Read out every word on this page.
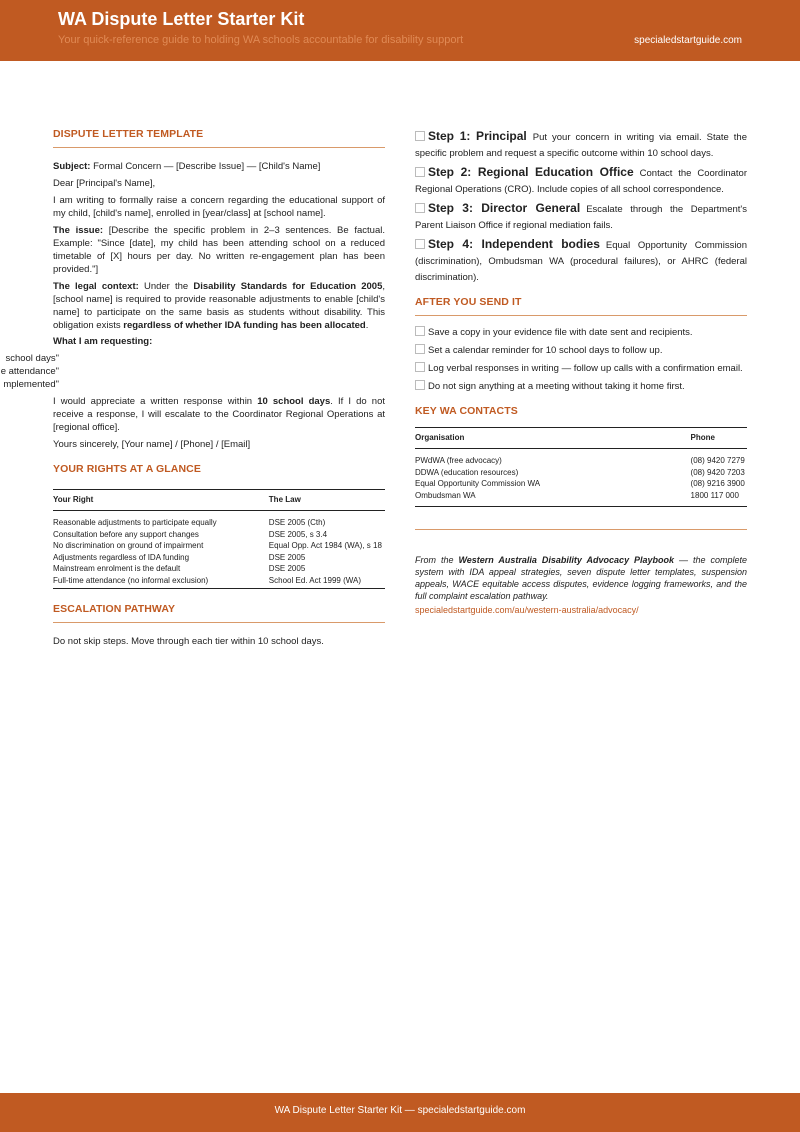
WA Dispute Letter Starter Kit
Your quick-reference guide to holding WA schools accountable for disability support	specialedstartguide.com
DISPUTE LETTER TEMPLATE

Subject: Formal Concern — [Describe Issue] — [Child's Name]

Dear [Principal's Name],

I am writing to formally raise a concern regarding the educational support of my child, [child's name], enrolled in [year/class] at [school name].

The issue: [Describe the specific problem in 2–3 sentences. Be factual. Example: "Since [date], my child has been attending school on a reduced timetable of [X] hours per day. No written re-engagement plan has been provided."]

The legal context: Under the Disability Standards for Education 2005, [school name] is required to provide reasonable adjustments to enable [child's name] to participate on the same basis as students without disability. This obligation exists regardless of whether IDA funding has been allocated.

What I am requesting:

school days"
e attendance"
mplemented"

I would appreciate a written response within 10 school days. If I do not receive a response, I will escalate to the Coordinator Regional Operations at [regional office].

Yours sincerely, [Your name] / [Phone] / [Email]

YOUR RIGHTS AT A GLANCE
Your Right	The Law
Reasonable adjustments to participate equally	DSE 2005 (Cth)
Consultation before any support changes	DSE 2005, s 3.4
No discrimination on ground of impairment	Equal Opp. Act 1984 (WA), s 18
Adjustments regardless of IDA funding	DSE 2005
Mainstream enrolment is the default	DSE 2005
Full-time attendance (no informal exclusion)	School Ed. Act 1999 (WA)
ESCALATION PATHWAY

Do not skip steps. Move through each tier within 10 school days.

Step 1: Principal Put your concern in writing via email. State the specific problem and request a specific outcome within 10 school days.
Step 2: Regional Education Office Contact the Coordinator Regional Operations (CRO). Include copies of all school correspondence.
Step 3: Director General Escalate through the Department's Parent Liaison Office if regional mediation fails.
Step 4: Independent bodies Equal Opportunity Commission (discrimination), Ombudsman WA (procedural failures), or AHRC (federal discrimination).
AFTER YOU SEND IT
Save a copy in your evidence file with date sent and recipients.
Set a calendar reminder for 10 school days to follow up.
Log verbal responses in writing — follow up calls with a confirmation email.
Do not sign anything at a meeting without taking it home first.
KEY WA CONTACTS
Organisation	Phone
PWdWA (free advocacy)	(08) 9420 7279
DDWA (education resources)	(08) 9420 7203
Equal Opportunity Commission WA	(08) 9216 3900
Ombudsman WA	1800 117 000
From the Western Australia Disability Advocacy Playbook — the complete system with IDA appeal strategies, seven dispute letter templates, suspension appeals, WACE equitable access disputes, evidence logging frameworks, and the full complaint escalation pathway.
specialedstartguide.com/au/western-australia/advocacy/
WA Dispute Letter Starter Kit — specialedstartguide.com
